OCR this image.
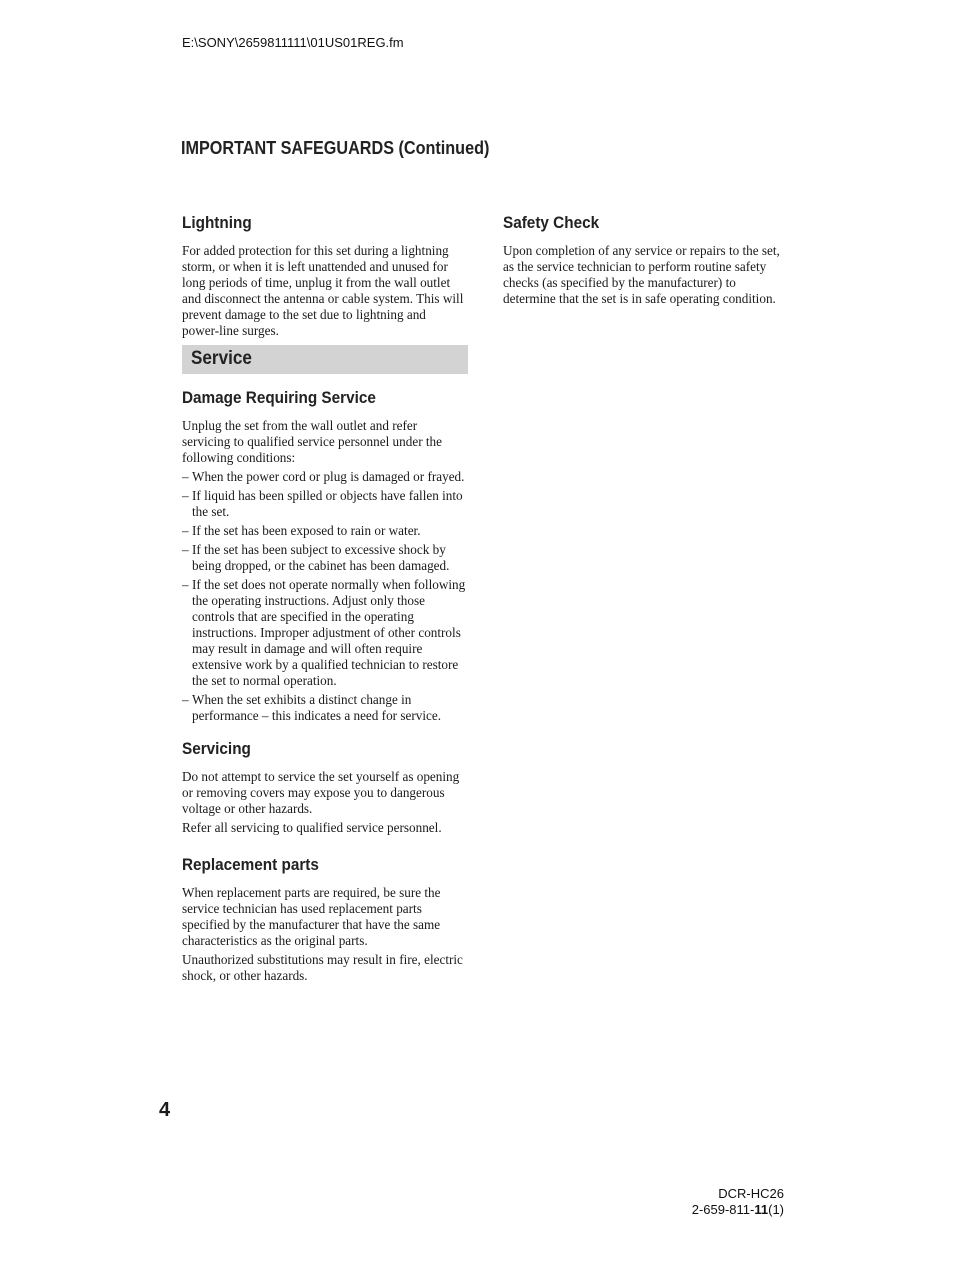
E:\SONY\2659811111\01US01REG.fm
IMPORTANT SAFEGUARDS (Continued)
Lightning

For added protection for this set during a lightning storm, or when it is left unattended and unused for long periods of time, unplug it from the wall outlet and disconnect the antenna or cable system. This will prevent damage to the set due to lightning and power-line surges.

Service
Damage Requiring Service

Unplug the set from the wall outlet and refer servicing to qualified service personnel under the following conditions:

– When the power cord or plug is damaged or frayed.
– If liquid has been spilled or objects have fallen into the set.
– If the set has been exposed to rain or water.
– If the set has been subject to excessive shock by being dropped, or the cabinet has been damaged.
– If the set does not operate normally when following the operating instructions. Adjust only those controls that are specified in the operating instructions. Improper adjustment of other controls may result in damage and will often require extensive work by a qualified technician to restore the set to normal operation.
– When the set exhibits a distinct change in performance – this indicates a need for service.
Servicing

Do not attempt to service the set yourself as opening or removing covers may expose you to dangerous voltage or other hazards.

Refer all servicing to qualified service personnel.

Replacement parts

When replacement parts are required, be sure the service technician has used replacement parts specified by the manufacturer that have the same characteristics as the original parts.

Unauthorized substitutions may result in fire, electric shock, or other hazards.

Safety Check

Upon completion of any service or repairs to the set, as the service technician to perform routine safety checks (as specified by the manufacturer) to determine that the set is in safe operating condition.

4
DCR-HC26
2-659-811-11(1)
